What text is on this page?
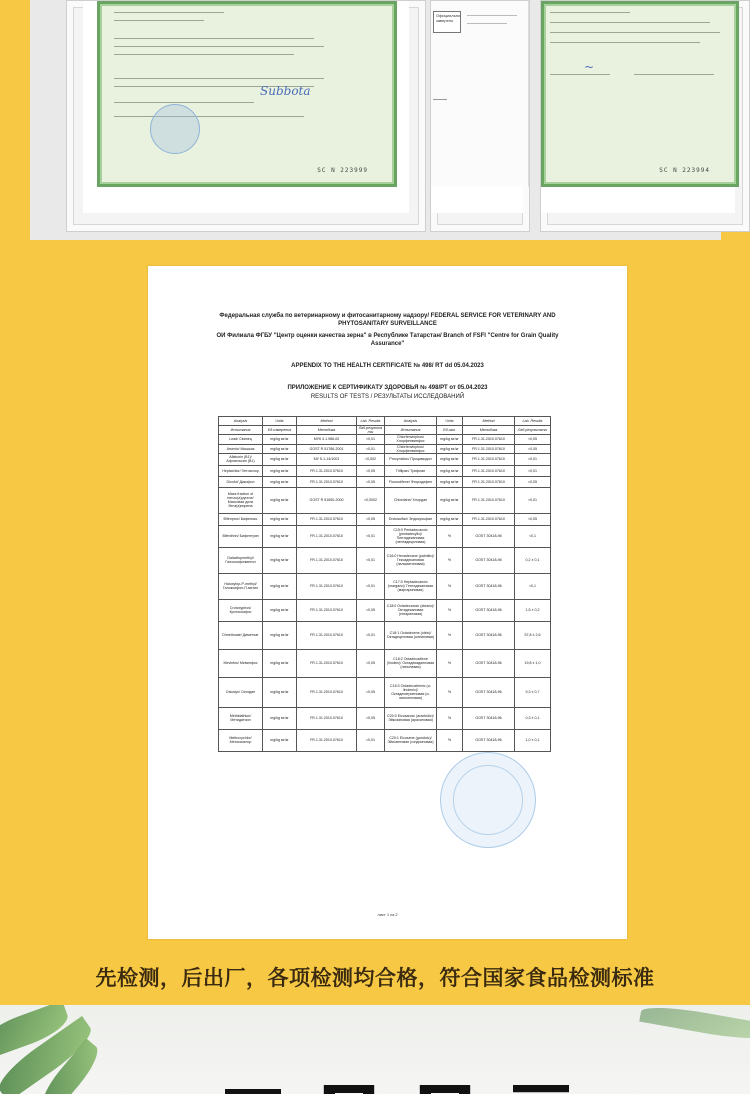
Subbota
SC N 223999
Официально заверено
~
SC N 223994
Федеральная служба по ветеринарному и фитосанитарному надзору/ FEDERAL SERVICE FOR VETERINARY AND
PHYTOSANITARY SURVEILLANCE
ОИ Филиала ФГБУ "Центр оценки качества зерна" в Республике Татарстан/ Branch of FSFI "Centre for Grain Quality
Assurance"
APPENDIX TO THE HEALTH CERTIFICATE № 498/ RT dd 05.04.2023
ПРИЛОЖЕНИЕ К СЕРТИФИКАТУ ЗДОРОВЬЯ № 498/РТ от 05.04.2023
RESULTS OF TESTS / РЕЗУЛЬТАТЫ ИССЛЕДОВАНИЙ
Analysis	Units	Method	Lab. Results	Analysis	Units	Method	Lab. Results
Испытания	Ед.измерения	Методика	Лаб.результаты	Испытания	Ед.изм.	Методика	Лаб.результаты
Lead/ Свинец	mg/kg мг/кг	МУК 4.1.986-00	<0,01	Chlorfenvinphos/ Хлорфенвинфос	mg/kg мг/кг	FR.1.31.2010.07610	<0,05
Arsenic/ Мышьяк	mg/kg мг/кг	GOST R 51766-2001	<0,01	Chlorfenvinphos/ Хлорфенвинфос	mg/kg мг/кг	FR.1.31.2010.07610	<0,05
Aflatoxin (B1)/ Афлатоксин (B1)	mg/kg мг/кг	МУ 5-1-14/1001	<0,002	Procymidon/ Процимидон	mg/kg мг/кг	FR.1.31.2010.07610	<0,01
Heptachlor/ Гептахлор	mg/kg мг/кг	FR.1.31.2010.07610	<0,05	Triflipan/ Трифлан	mg/kg мг/кг	FR.1.31.2010.07610	<0,01
Dicofol/ Дикофол	mg/kg мг/кг	FR.1.31.2010.07610	<0,05	Fluorodifene/ Фтородифен	mg/kg мг/кг	FR.1.31.2010.07610	<0,05
Mass fraction of benzo(a)pyrene/ Массовая доля бенз(а)пирена	mg/kg мг/кг	GOST R 51650-2000	<0,0002	Chlordane/ Хлордан	mg/kg мг/кг	FR.1.31.2010.07610	<0,01
Bifenprox/ Бифенокс	mg/kg мг/кг	FR.1.31.2010.07610	<0,05	Endosulfan/ Эндосульфан	mg/kg мг/кг	FR.1.31.2010.07610	<0,05
Bifenthrin/ Бифентрин	mg/kg мг/кг	FR.1.31.2010.07610	<0,01	C15:0 Pentadecanoic (pentadecylic)/ Пентадекановая (пентадециловая)	%	GOST 30418-96	<0,1
Galaxifopmethyl/ Галоксифопметил	mg/kg мг/кг	FR.1.31.2010.07610	<0,01	C16:0 Hexadecane (palmitic)/ Гексадекановая (пальмитиновая)	%	GOST 30418-96	0,2 ± 0,1
Haloxyfop-P-methyl/ Галоксифоп-П-метил	mg/kg мг/кг	FR.1.31.2010.07610	<0,01	C17:0 Heptadecanoic (margaric)/ Гептадекановая (маргариновая)	%	GOST 30418-96	<0,1
Crotoxyphos/ Кротоксифос	mg/kg мг/кг	FR.1.31.2010.07610	<0,05	C18:0 Octadecanoic (stearic)/ Октадекановая (стеариновая)	%	GOST 30418-96	1,5 ± 0,2
Dimethoate/ Диметоат	mg/kg мг/кг	FR.1.31.2010.07610	<0,01	C18:1 Octadecene (oleic)/ Октадеценовая (олеиновая)	%	GOST 30418-96	57,8 ± 2,6
Mevinfos/ Мевинфос	mg/kg мг/кг	FR.1.31.2010.07610	<0,05	C18:2 Octadecadiene (linoleic)/ Октадекадиеновая (линолевая)	%	GOST 30418-96	19,8 ± 1,0
Oxtodyn/ Октодин	mg/kg мг/кг	FR.1.31.2010.07610	<0,05	C18:3 Octadecatrienic (α-linolenic)/ Октадекатриеновая (α-линоленовая)	%	GOST 30418-96	9,3 ± 0,7
Methidathion/ Метидатион	mg/kg мг/кг	FR.1.31.2010.07610	<0,05	C20:0 Eicosanoic (arachidic)/ Эйкозановая (арахиновая)	%	GOST 30418-96	0,3 ± 0,1
Methoxychlor/ Метоксихлор	mg/kg мг/кг	FR.1.31.2010.07610	<0,01	C20:1 Eicosene (gondoic)/ Эйкозеновая (гондоиновая)	%	GOST 30418-96	1,0 ± 0,1
лист 1 из 2
先检测，后出厂，各项检测均合格，符合国家食品检测标准
